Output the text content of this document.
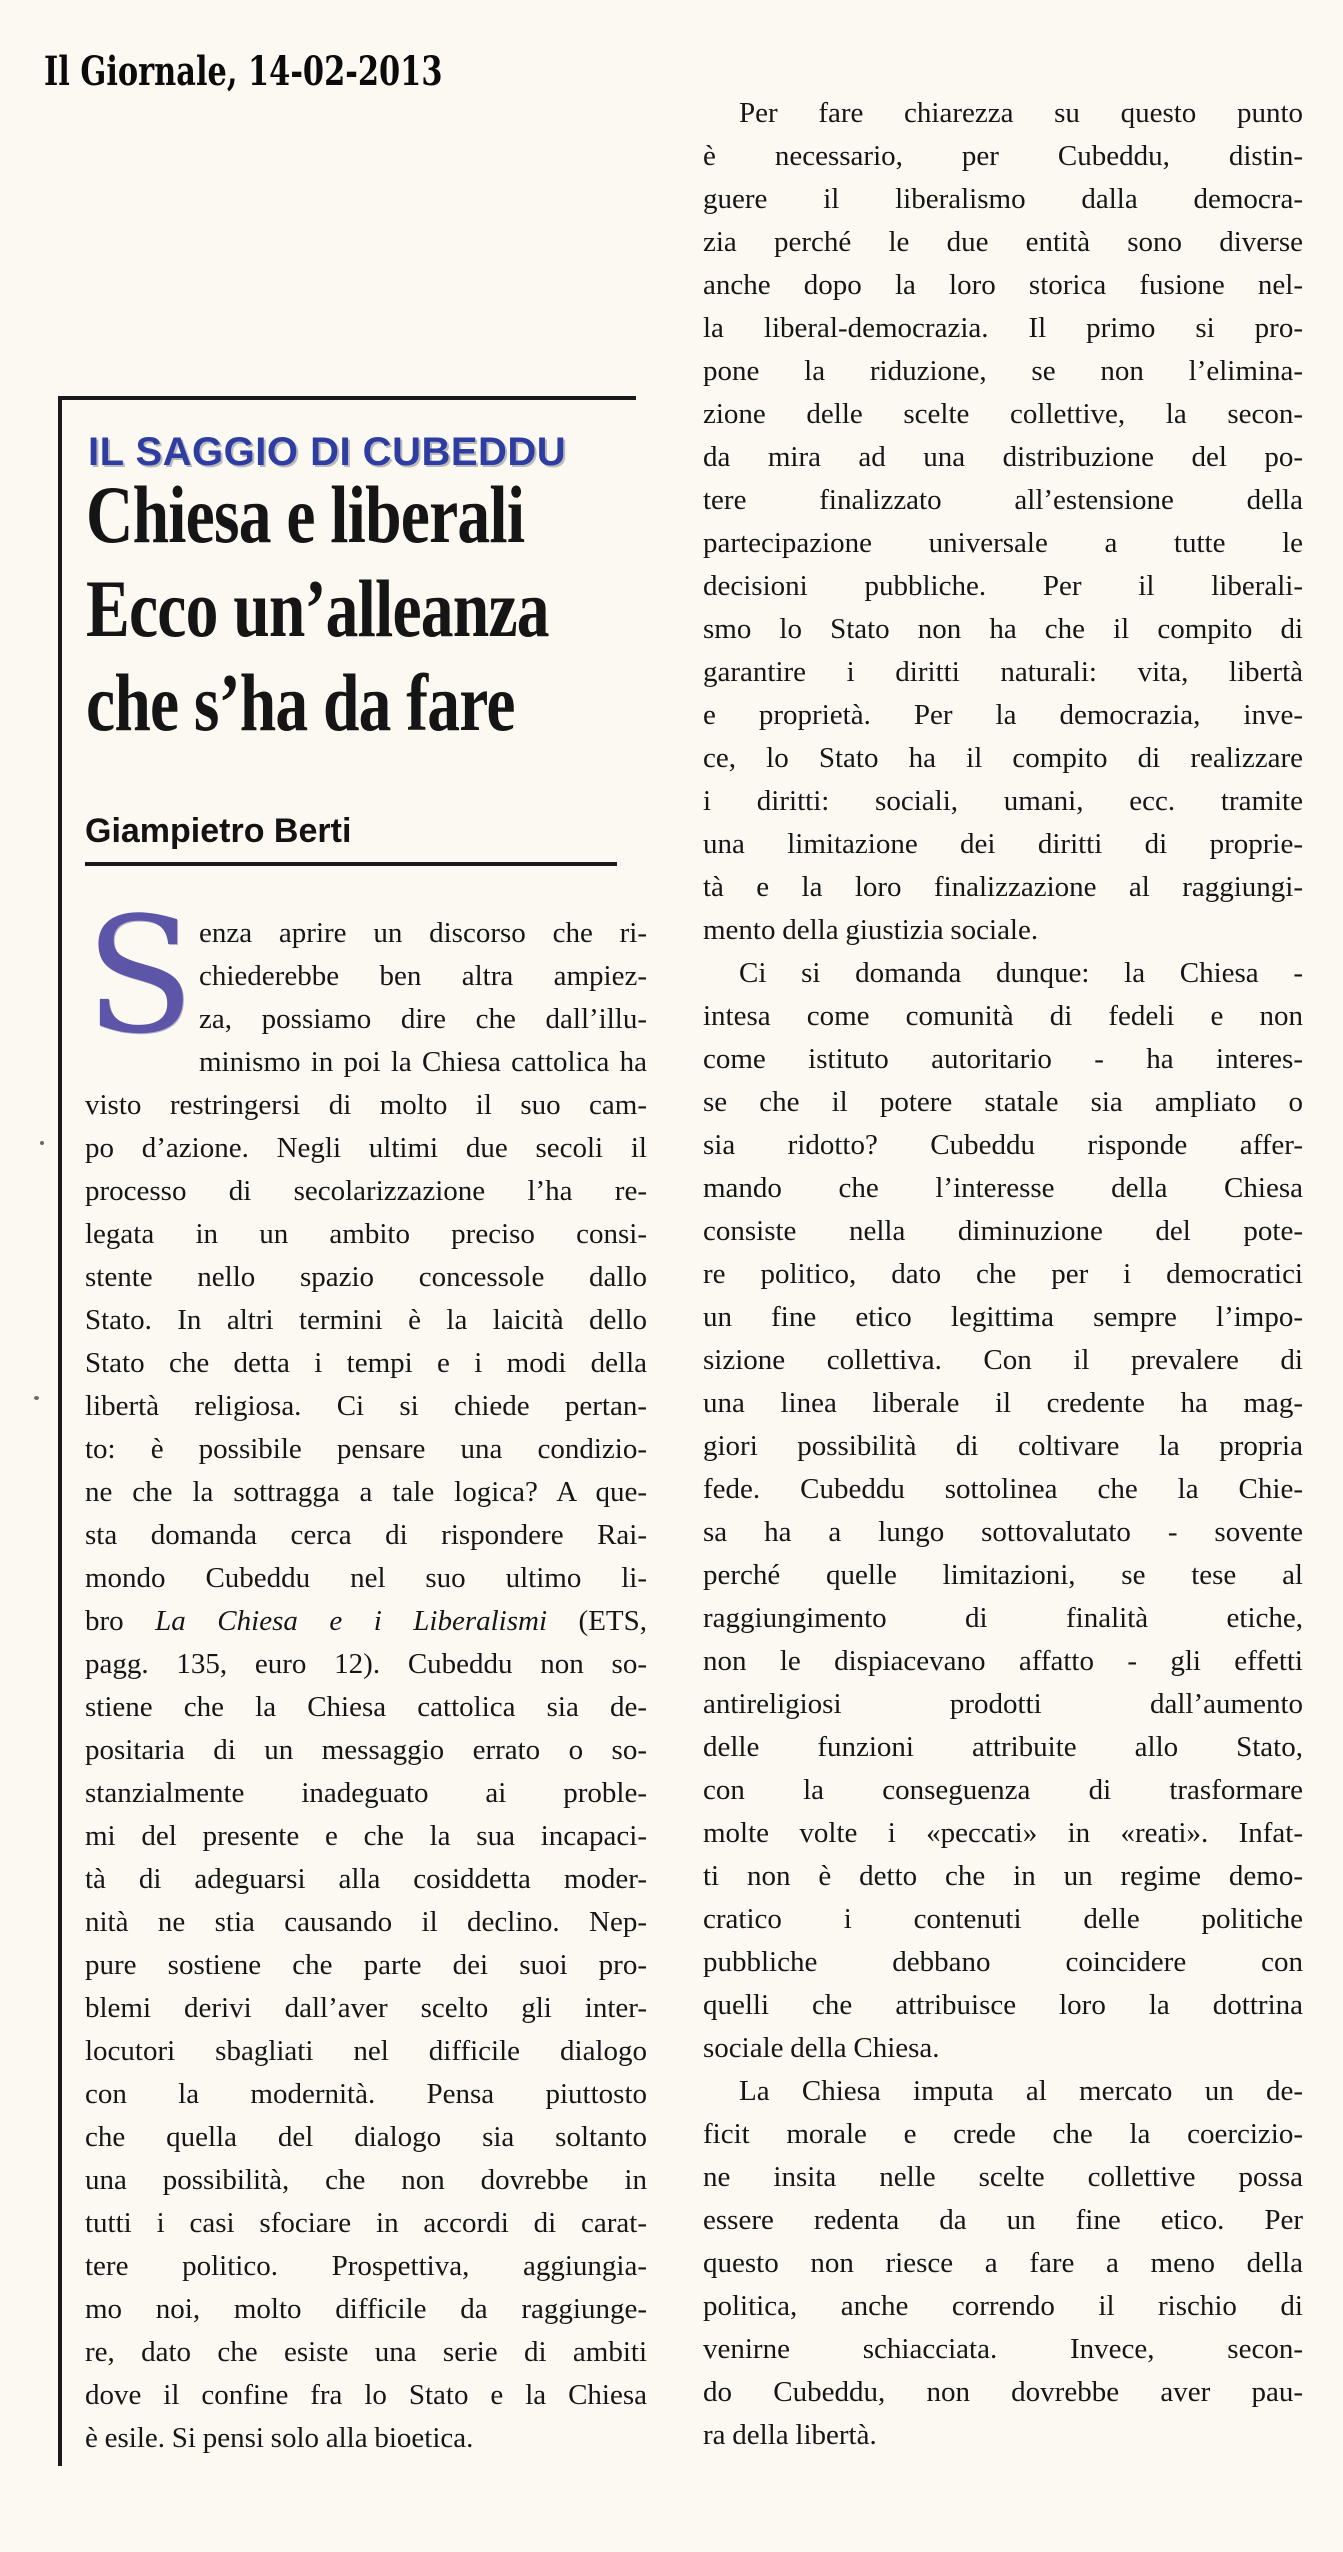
Il Giornale, 14-02-2013
IL SAGGIO DI CUBEDDU
Chiesa e liberali
Ecco un’alleanza
che s’ha da fare
Giampietro Berti
S enza aprire un discorso che ri-
chiederebbe ben altra ampiez-
za, possiamo dire che dall’illu-
minismo in poi la Chiesa cattolica ha
visto restringersi di molto il suo cam-
po d’azione. Negli ultimi due secoli il
processo di secolarizzazione l’ha re-
legata in un ambito preciso consi-
stente nello spazio concessole dallo
Stato. In altri termini è la laicità dello
Stato che detta i tempi e i modi della
libertà religiosa. Ci si chiede pertan-
to: è possibile pensare una condizio-
ne che la sottragga a tale logica? A que-
sta domanda cerca di rispondere Rai-
mondo Cubeddu nel suo ultimo li-
bro La Chiesa e i Liberalismi (ETS,
pagg. 135, euro 12). Cubeddu non so-
stiene che la Chiesa cattolica sia de-
positaria di un messaggio errato o so-
stanzialmente inadeguato ai proble-
mi del presente e che la sua incapaci-
tà di adeguarsi alla cosiddetta moder-
nità ne stia causando il declino. Nep-
pure sostiene che parte dei suoi pro-
blemi derivi dall’aver scelto gli inter-
locutori sbagliati nel difficile dialogo
con la modernità. Pensa piuttosto
che quella del dialogo sia soltanto
una possibilità, che non dovrebbe in
tutti i casi sfociare in accordi di carat-
tere politico. Prospettiva, aggiungia-
mo noi, molto difficile da raggiunge-
re, dato che esiste una serie di ambiti
dove il confine fra lo Stato e la Chiesa
è esile. Si pensi solo alla bioetica.
Per fare chiarezza su questo punto
è necessario, per Cubeddu, distin-
guere il liberalismo dalla democra-
zia perché le due entità sono diverse
anche dopo la loro storica fusione nel-
la liberal-democrazia. Il primo si pro-
pone la riduzione, se non l’elimina-
zione delle scelte collettive, la secon-
da mira ad una distribuzione del po-
tere finalizzato all’estensione della
partecipazione universale a tutte le
decisioni pubbliche. Per il liberali-
smo lo Stato non ha che il compito di
garantire i diritti naturali: vita, libertà
e proprietà. Per la democrazia, inve-
ce, lo Stato ha il compito di realizzare
i diritti: sociali, umani, ecc. tramite
una limitazione dei diritti di proprie-
tà e la loro finalizzazione al raggiungi-
mento della giustizia sociale.
Ci si domanda dunque: la Chiesa -
intesa come comunità di fedeli e non
come istituto autoritario - ha interes-
se che il potere statale sia ampliato o
sia ridotto? Cubeddu risponde affer-
mando che l’interesse della Chiesa
consiste nella diminuzione del pote-
re politico, dato che per i democratici
un fine etico legittima sempre l’impo-
sizione collettiva. Con il prevalere di
una linea liberale il credente ha mag-
giori possibilità di coltivare la propria
fede. Cubeddu sottolinea che la Chie-
sa ha a lungo sottovalutato - sovente
perché quelle limitazioni, se tese al
raggiungimento di finalità etiche,
non le dispiacevano affatto - gli effetti
antireligiosi prodotti dall’aumento
delle funzioni attribuite allo Stato,
con la conseguenza di trasformare
molte volte i «peccati» in «reati». Infat-
ti non è detto che in un regime demo-
cratico i contenuti delle politiche
pubbliche debbano coincidere con
quelli che attribuisce loro la dottrina
sociale della Chiesa.
La Chiesa imputa al mercato un de-
ficit morale e crede che la coercizio-
ne insita nelle scelte collettive possa
essere redenta da un fine etico. Per
questo non riesce a fare a meno della
politica, anche correndo il rischio di
venirne schiacciata. Invece, secon-
do Cubeddu, non dovrebbe aver pau-
ra della libertà.
